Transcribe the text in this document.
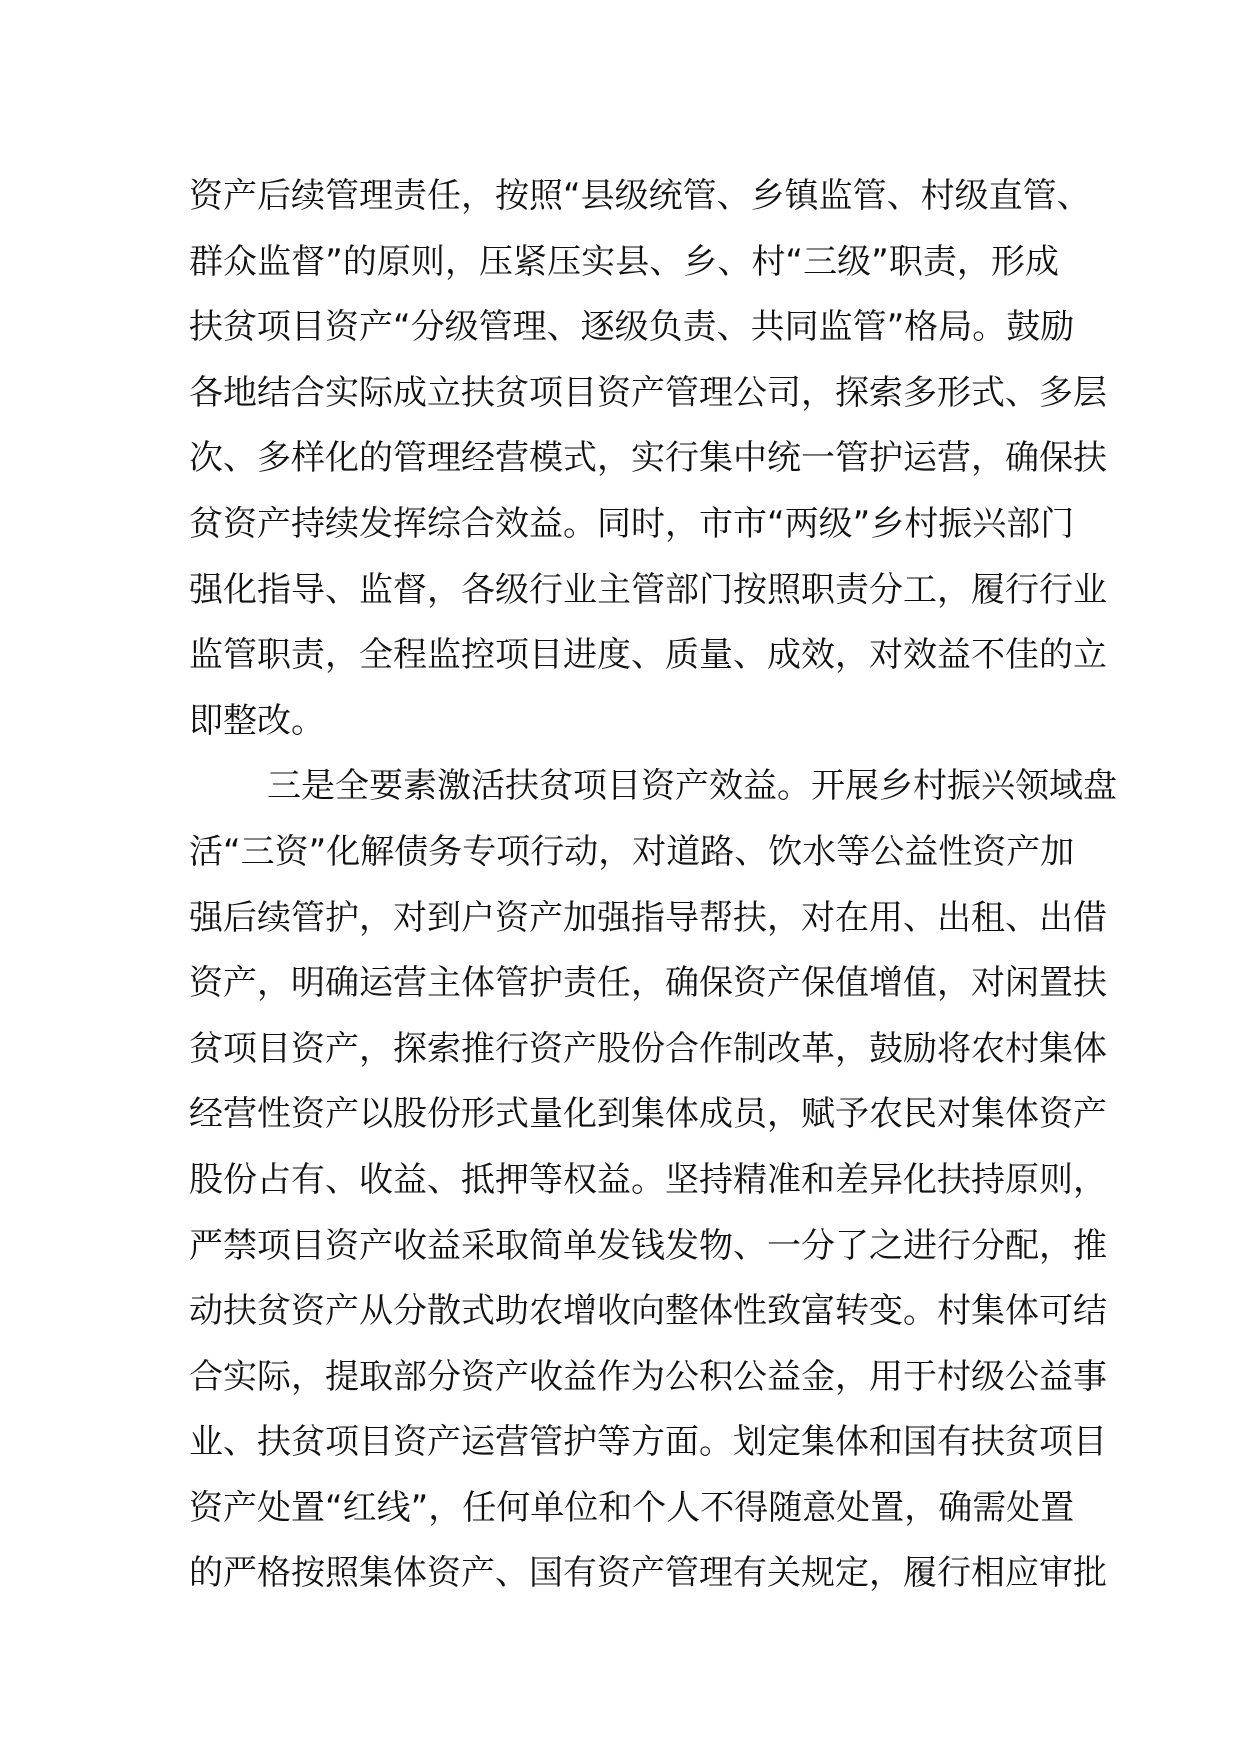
资产后续管理责任，按照“县级统管、乡镇监管、村级直管、
群众监督”的原则，压紧压实县、乡、村“三级”职责，形成
扶贫项目资产“分级管理、逐级负责、共同监管”格局。鼓励
各地结合实际成立扶贫项目资产管理公司，探索多形式、多层
次、多样化的管理经营模式，实行集中统一管护运营，确保扶
贫资产持续发挥综合效益。同时，市市“两级”乡村振兴部门
强化指导、监督，各级行业主管部门按照职责分工，履行行业
监管职责，全程监控项目进度、质量、成效，对效益不佳的立
即整改。
三是全要素激活扶贫项目资产效益。开展乡村振兴领域盘
活“三资”化解债务专项行动，对道路、饮水等公益性资产加
强后续管护，对到户资产加强指导帮扶，对在用、出租、出借
资产，明确运营主体管护责任，确保资产保值增值，对闲置扶
贫项目资产，探索推行资产股份合作制改革，鼓励将农村集体
经营性资产以股份形式量化到集体成员，赋予农民对集体资产
股份占有、收益、抵押等权益。坚持精准和差异化扶持原则，
严禁项目资产收益采取简单发钱发物、一分了之进行分配，推
动扶贫资产从分散式助农增收向整体性致富转变。村集体可结
合实际，提取部分资产收益作为公积公益金，用于村级公益事
业、扶贫项目资产运营管护等方面。划定集体和国有扶贫项目
资产处置“红线”，任何单位和个人不得随意处置，确需处置
的严格按照集体资产、国有资产管理有关规定，履行相应审批
